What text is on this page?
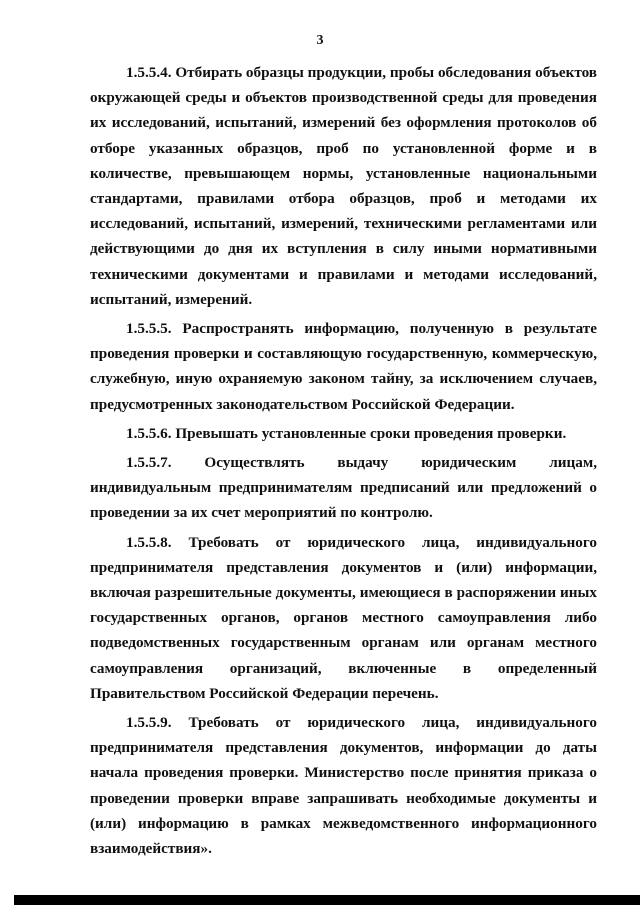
3

1.5.5.4. Отбирать образцы продукции, пробы обследования объектов окружающей среды и объектов производственной среды для проведения их исследований, испытаний, измерений без оформления протоколов об отборе указанных образцов, проб по установленной форме и в количестве, превышающем нормы, установленные национальными стандартами, правилами отбора образцов, проб и методами их исследований, испытаний, измерений, техническими регламентами или действующими до дня их вступления в силу иными нормативными техническими документами и правилами и методами исследований, испытаний, измерений.

1.5.5.5. Распространять информацию, полученную в результате проведения проверки и составляющую государственную, коммерческую, служебную, иную охраняемую законом тайну, за исключением случаев, предусмотренных законодательством Российской Федерации.

1.5.5.6. Превышать установленные сроки проведения проверки.

1.5.5.7. Осуществлять выдачу юридическим лицам, индивидуальным предпринимателям предписаний или предложений о проведении за их счет мероприятий по контролю.

1.5.5.8. Требовать от юридического лица, индивидуального предпринимателя представления документов и (или) информации, включая разрешительные документы, имеющиеся в распоряжении иных государственных органов, органов местного самоуправления либо подведомственных государственным органам или органам местного самоуправления организаций, включенные в определенный Правительством Российской Федерации перечень.

1.5.5.9. Требовать от юридического лица, индивидуального предпринимателя представления документов, информации до даты начала проведения проверки. Министерство после принятия приказа о проведении проверки вправе запрашивать необходимые документы и (или) информацию в рамках межведомственного информационного взаимодействия».
